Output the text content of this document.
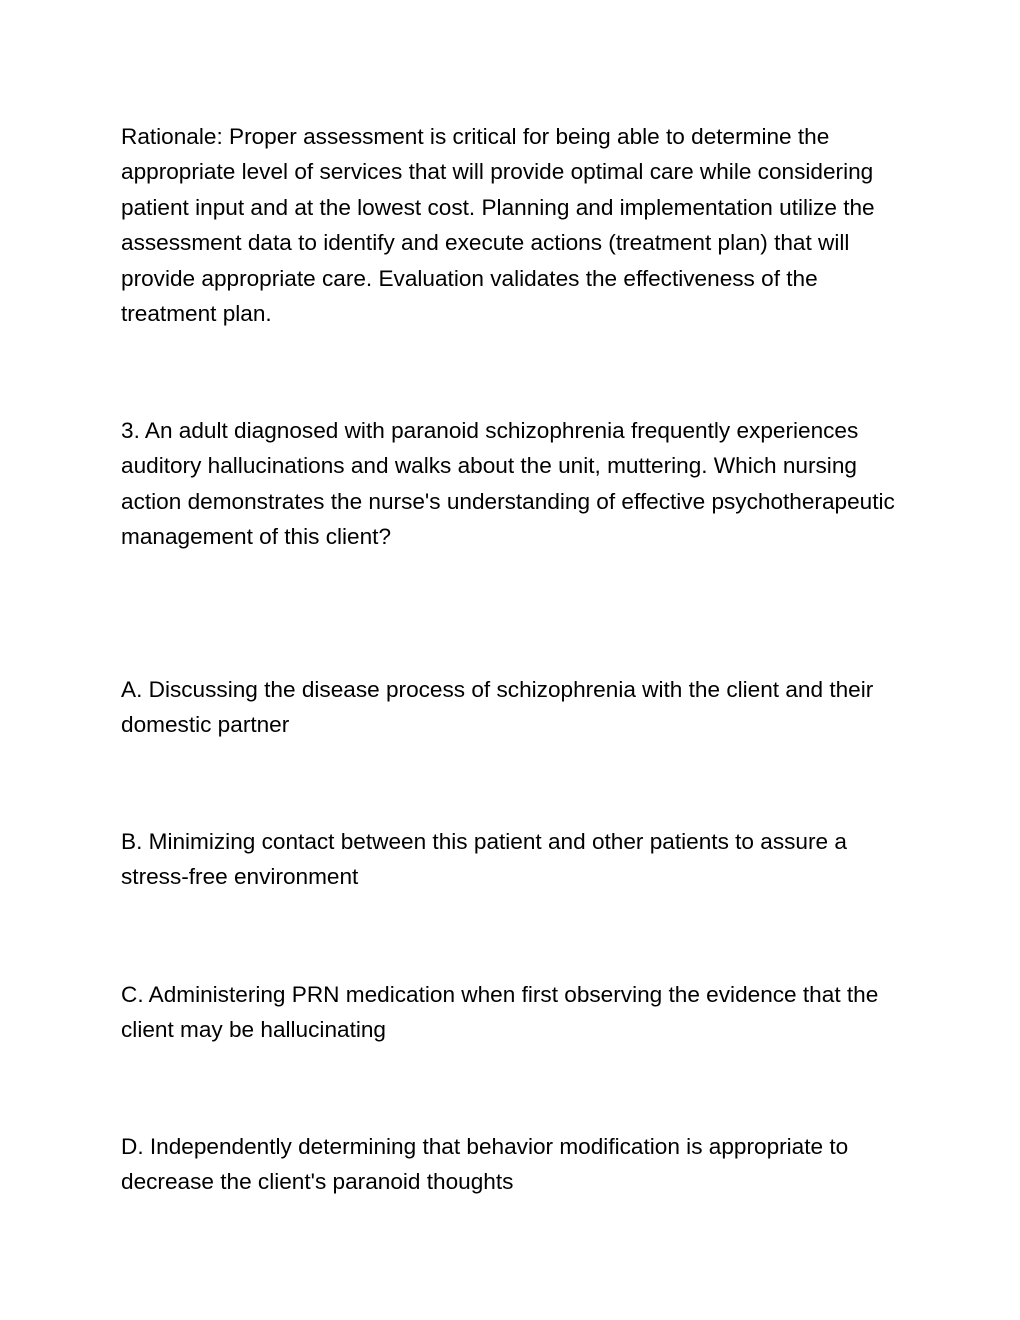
Rationale: Proper assessment is critical for being able to determine the appropriate level of services that will provide optimal care while considering patient input and at the lowest cost. Planning and implementation utilize the assessment data to identify and execute actions (treatment plan) that will provide appropriate care. Evaluation validates the effectiveness of the treatment plan.

3. An adult diagnosed with paranoid schizophrenia frequently experiences auditory hallucinations and walks about the unit, muttering. Which nursing action demonstrates the nurse's understanding of effective psychotherapeutic management of this client?

A. Discussing the disease process of schizophrenia with the client and their domestic partner

B. Minimizing contact between this patient and other patients to assure a stress-free environment

C. Administering PRN medication when first observing the evidence that the client may be hallucinating

D. Independently determining that behavior modification is appropriate to decrease the client's paranoid thoughts
